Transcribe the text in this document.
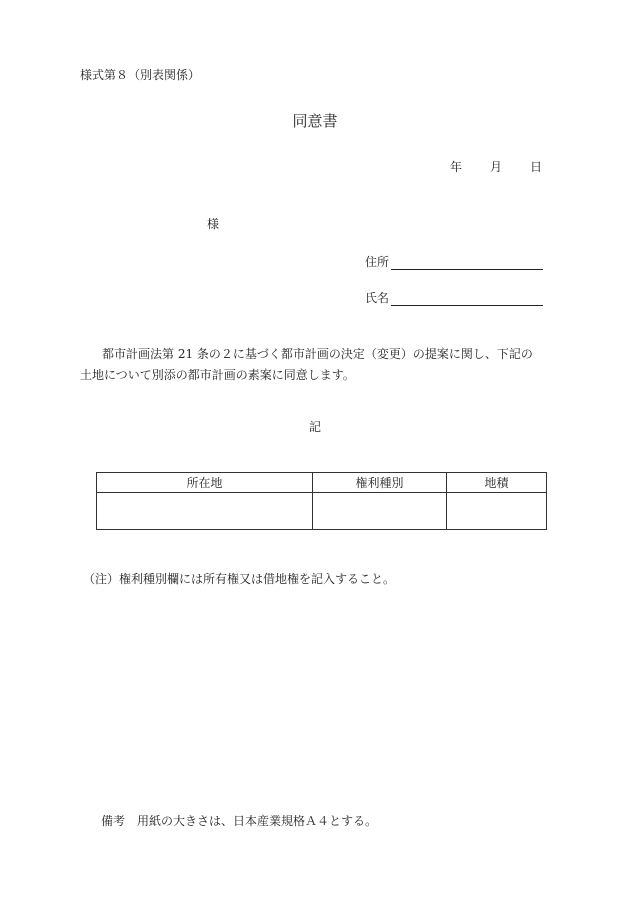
様式第８（別表関係）
同意書
年 月 日
様
住所
氏名
都市計画法第 21 条の２に基づく都市計画の決定（変更）の提案に関し、下記の
土地について別添の都市計画の素案に同意します。
記
所在地	権利種別	地積

（注）権利種別欄には所有権又は借地権を記入すること。
備考　用紙の大きさは、日本産業規格Ａ４とする。
